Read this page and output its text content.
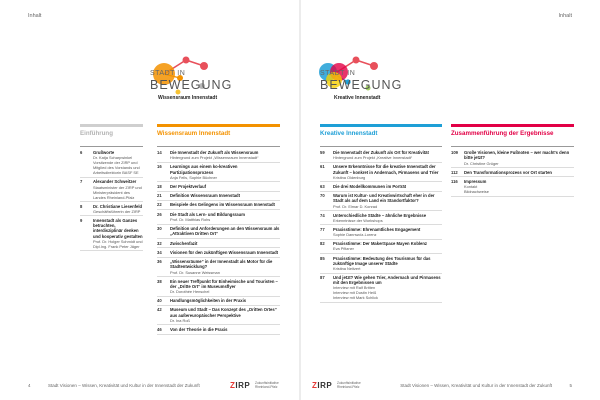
Inhalt	Inhalt
STADT IN
BEWEGUNG
Wissensraum Innenstadt
STADT IN
BEWEGUNG
Kreative Innenstadt
Einführung
6	Grußworte
Dr. Katja Scharpwinkel
Vorsitzende der ZIRP und Mitglied des Vorstands und Arbeitsdirektorin BASF SE
7	Alexander Schweitzer
Staatsminister der ZIRP und Ministerpräsident des Landes Rheinland-Pfalz
8	Dr. Christiane Liesenfeld
Geschäftsführerin der ZIRP
9	Innenstadt als Ganzes betrachten, interdisziplinär denken und kooperativ gestalten
Prof. Dr. Holger Schmidt und Dipl.Ing. Frank Peter Jäger
Wissensraum Innenstadt
14	Die Innenstadt der Zukunft als Wissensraum
Hintergrund zum Projekt „Wissensraum Innenstadt“
16	Learnings aus einem ko-kreativen Partizipationsprozess
Anja Feils, Sophie Büchner
18	Der Projektverlauf
21	Definition Wissensraum Innenstadt
22	Beispiele des Gelingens im Wissensraum Innenstadt
26	Die Stadt als Lern- und Bildungsraum
Prof. Dr. Matthias Rohs
30	Definition und Anforderungen an den Wissensraum als „Attraktiven Dritten Ort“
32	Zwischenfazit
34	Visionen für den zukünftigen Wissensraum Innenstadt
36	„Wissensräume“ in der Innenstadt als Motor für die Stadtentwicklung?
Prof. Dr. Susanne Weissman
38	Ein neuer Treffpunkt für Einheimische und Touristen – der „Dritte Ort“ im Museumsflyer
Dr. Dorothée Henschel
40	Handlungsmöglichkeiten in der Praxis
42	Museum und Stadt – Das Konzept des „Dritten Ortes“ aus außereuropäischer Perspektive
Dr. Ina Roß
46	Von der Theorie in die Praxis
Kreative Innenstadt
59	Die Innenstadt der Zukunft als Ort für Kreativität
Hintergrund zum Projekt „Kreative Innenstadt“
61	Unsere Erkenntnisse für die kreative Innenstadt der Zukunft – konkret in Andernach, Pirmasens und Trier
Kristina Oldenburg
63	Die drei Modellkommunen im Porträt
70	Warum ist Kultur- und Kreativwirtschaft eher in der Stadt als auf dem Land ein Standortfaktor?
Prof. Dr. Elmar D. Konrad
74	Unterschiedliche Städte – ähnliche Ergebnisse
Erkenntnisse der Workshops
77	Praxisstimme: Ehrenamtliches Engagement
Sophie Dannwolz-Lorenz
82	Praxisstimme: Der MakerSpace Mayen Koblenz
Eva Pfitzner
85	Praxisstimme: Bedeutung des Tourismus für das zukünftige Image unserer Städte
Kristina Neitzert
87	Und jetzt? Wie gehen Trier, Andernach und Pirmasens mit den Ergebnissen um
Interview mit Ralf Britten
Interview mit Dustin Heiß
Interview mit Mark Schlick
Zusammenführung der Ergebnisse
109	Große Visionen, kleine Fußnoten – wer macht's denn bitte jetzt?
Dr. Christine Grüger
112	Den Transformationsprozess vor Ort starten
116	Impressum
Kontakt
Bildnachweise
4	Stadt Visionen – Wissen, Kreativität und Kultur in der Innenstadt der Zukunft	ZIRP Zukunftsinitiative
Rheinland-Pfalz	ZIRP Zukunftsinitiative
Rheinland-Pfalz	Stadt Visionen – Wissen, Kreativität und Kultur in der Innenstadt der Zukunft	5
